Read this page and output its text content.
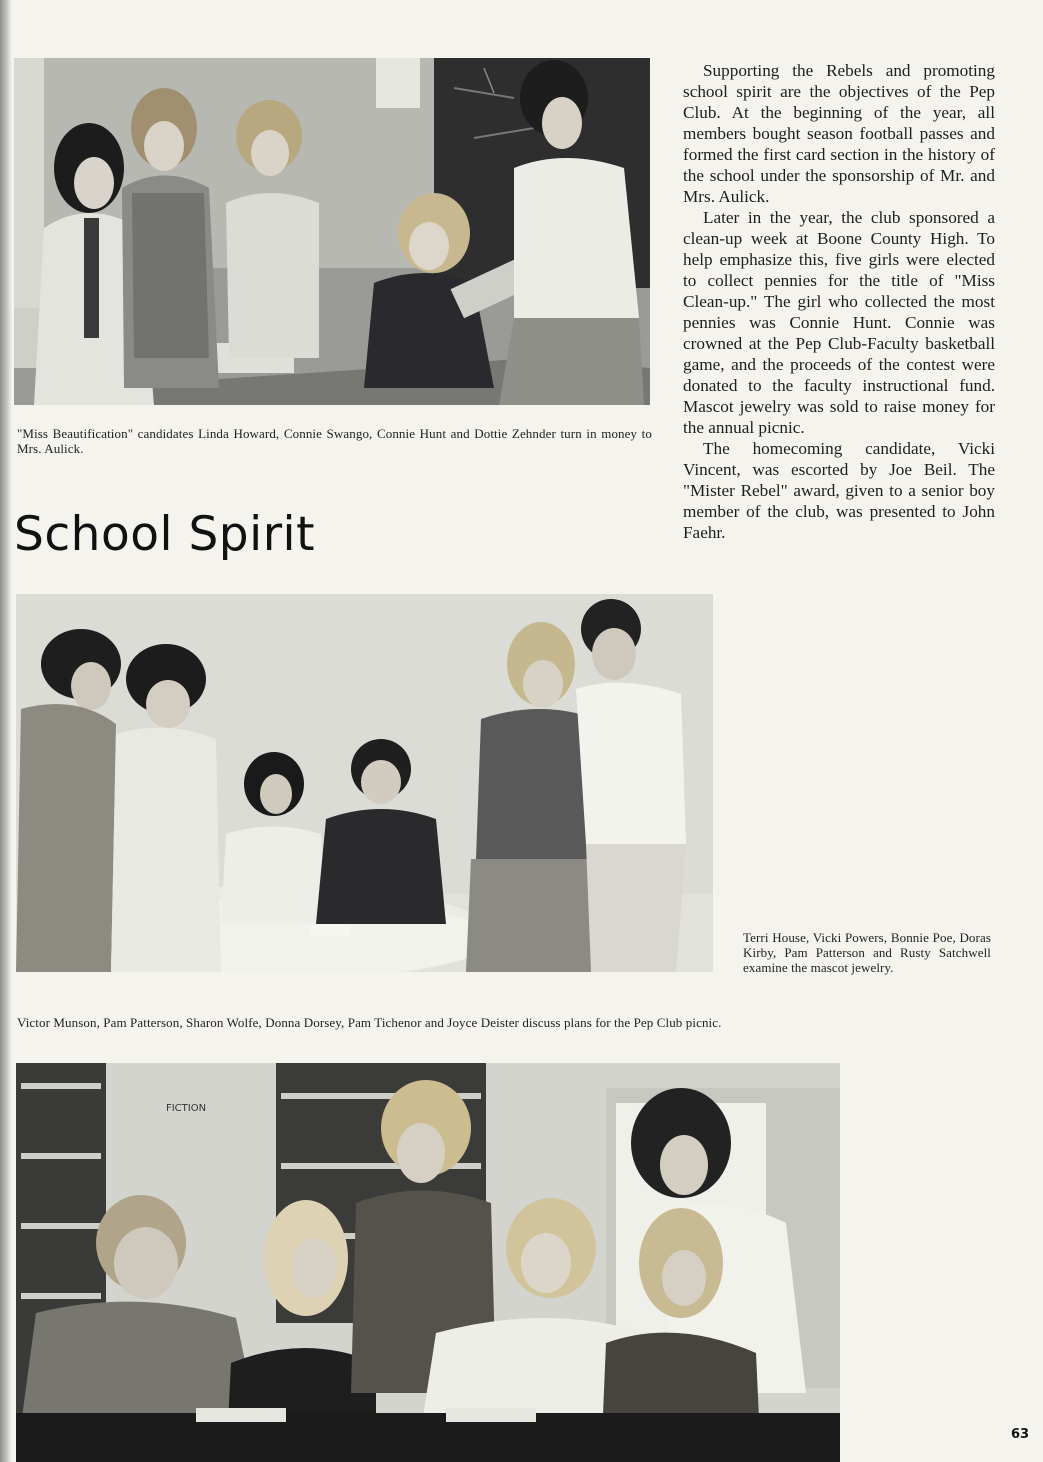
"Miss Beautification" candidates Linda Howard, Connie Swango, Connie Hunt and Dottie Zehnder turn in money to Mrs. Aulick.
School Spirit

Supporting the Rebels and promoting school spirit are the objectives of the Pep Club. At the beginning of the year, all members bought season football passes and formed the first card section in the history of the school under the sponsorship of Mr. and Mrs. Aulick.

Later in the year, the club sponsored a clean-up week at Boone County High. To help emphasize this, five girls were elected to collect pennies for the title of "Miss Clean-up." The girl who collected the most pennies was Connie Hunt. Connie was crowned at the Pep Club-Faculty basketball game, and the proceeds of the contest were donated to the faculty instructional fund. Mascot jewelry was sold to raise money for the annual picnic.

The homecoming candidate, Vicki Vincent, was escorted by Joe Beil. The "Mister Rebel" award, given to a senior boy member of the club, was presented to John Faehr.

Terri House, Vicki Powers, Bonnie Poe, Doras Kirby, Pam Patterson and Rusty Satchwell examine the mascot jewelry.
Victor Munson, Pam Patterson, Sharon Wolfe, Donna Dorsey, Pam Tichenor and Joyce Deister discuss plans for the Pep Club picnic.
FICTION
63
